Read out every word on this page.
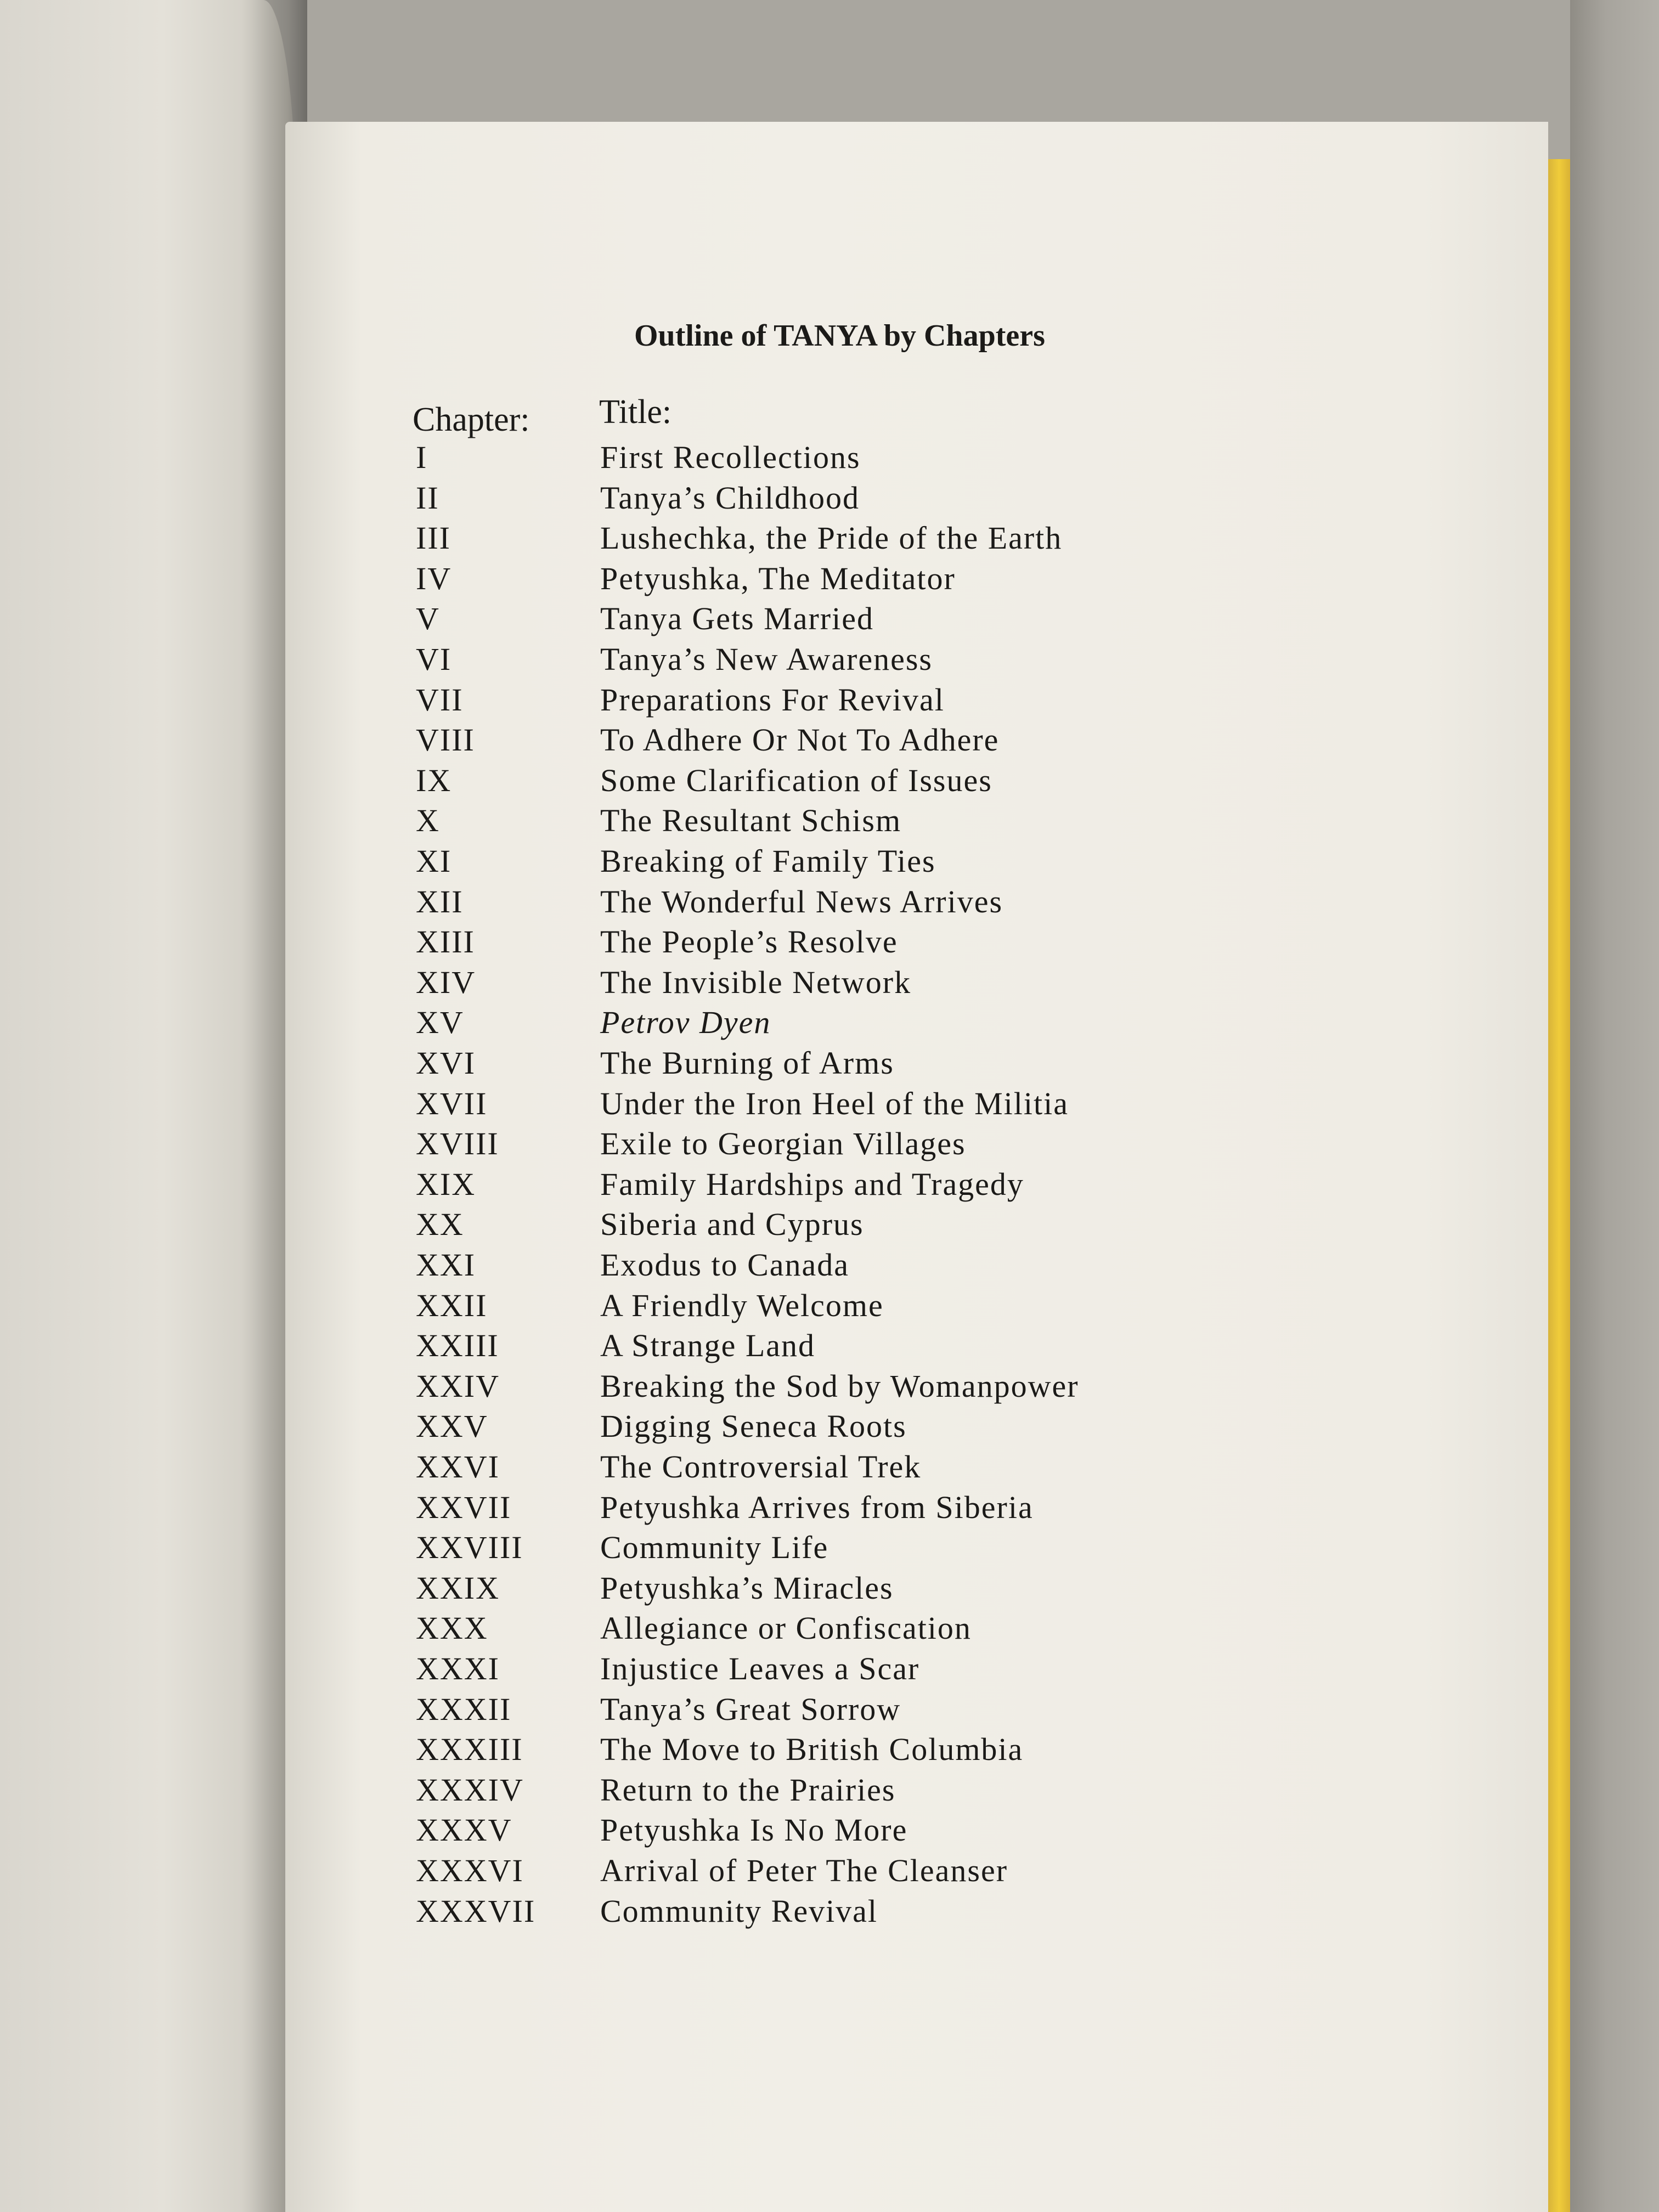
Outline of TANYA by Chapters
Chapter: Title:
I	First Recollections
II	Tanya’s Childhood
III	Lushechka, the Pride of the Earth
IV	Petyushka, The Meditator
V	Tanya Gets Married
VI	Tanya’s New Awareness
VII	Preparations For Revival
VIII	To Adhere Or Not To Adhere
IX	Some Clarification of Issues
X	The Resultant Schism
XI	Breaking of Family Ties
XII	The Wonderful News Arrives
XIII	The People’s Resolve
XIV	The Invisible Network
XV	Petrov Dyen
XVI	The Burning of Arms
XVII	Under the Iron Heel of the Militia
XVIII	Exile to Georgian Villages
XIX	Family Hardships and Tragedy
XX	Siberia and Cyprus
XXI	Exodus to Canada
XXII	A Friendly Welcome
XXIII	A Strange Land
XXIV	Breaking the Sod by Womanpower
XXV	Digging Seneca Roots
XXVI	The Controversial Trek
XXVII	Petyushka Arrives from Siberia
XXVIII Community Life
XXIX	Petyushka’s Miracles
XXX	Allegiance or Confiscation
XXXI	Injustice Leaves a Scar
XXXII	Tanya’s Great Sorrow
XXXIII The Move to British Columbia
XXXIV Return to the Prairies
XXXV	Petyushka Is No More
XXXVI Arrival of Peter The Cleanser
XXXVII Community Revival
